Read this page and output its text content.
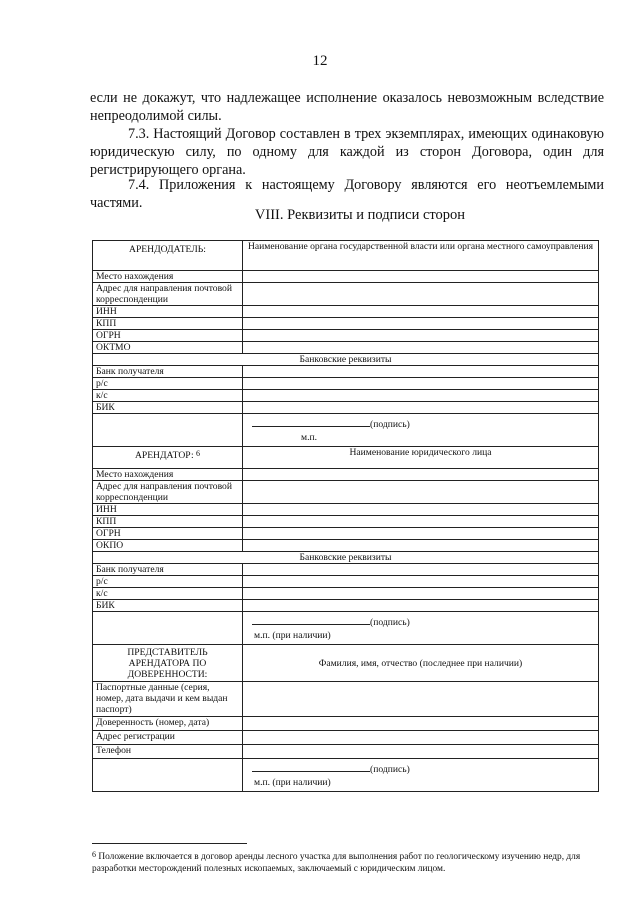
12
если не докажут, что надлежащее исполнение оказалось невозможным вследствие непреодолимой силы.
7.3. Настоящий Договор составлен в трех экземплярах, имеющих одинаковую юридическую силу, по одному для каждой из сторон Договора, один для регистрирующего органа.
7.4. Приложения к настоящему Договору являются его неотъемлемыми частями.
VIII. Реквизиты и подписи сторон
АРЕНДОДАТЕЛЬ:	Наименование органа государственной власти или органа местного самоуправления
Место нахождения	
Адрес для направления почтовой корреспонденции	
ИНН	
КПП	
ОГРН	
ОКТМО	
Банковские реквизиты	
Банк получателя	
р/с	
к/с	
БИК	

	(подпись)
м.п.

АРЕНДАТОР: $^6$	Наименование юридического лица
Место нахождения	
Адрес для направления почтовой корреспонденции	
ИНН	
КПП	
ОГРН	
ОКПО	
Банковские реквизиты	
Банк получателя	
р/с	
к/с	
БИК	

	(подпись)
м.п. (при наличии)

ПРЕДСТАВИТЕЛЬ АРЕНДАТОРА ПО ДОВЕРЕННОСТИ:	Фамилия, имя, отчество (последнее при наличии)
Паспортные данные (серия, номер, дата выдачи и кем выдан паспорт)	
Доверенность (номер, дата)	
Адрес регистрации	
Телефон	

	(подпись)
м.п. (при наличии)
$^6$ Положение включается в договор аренды лесного участка для выполнения работ по геологическому изучению недр, для разработки месторождений полезных ископаемых, заключаемый с юридическим лицом.
